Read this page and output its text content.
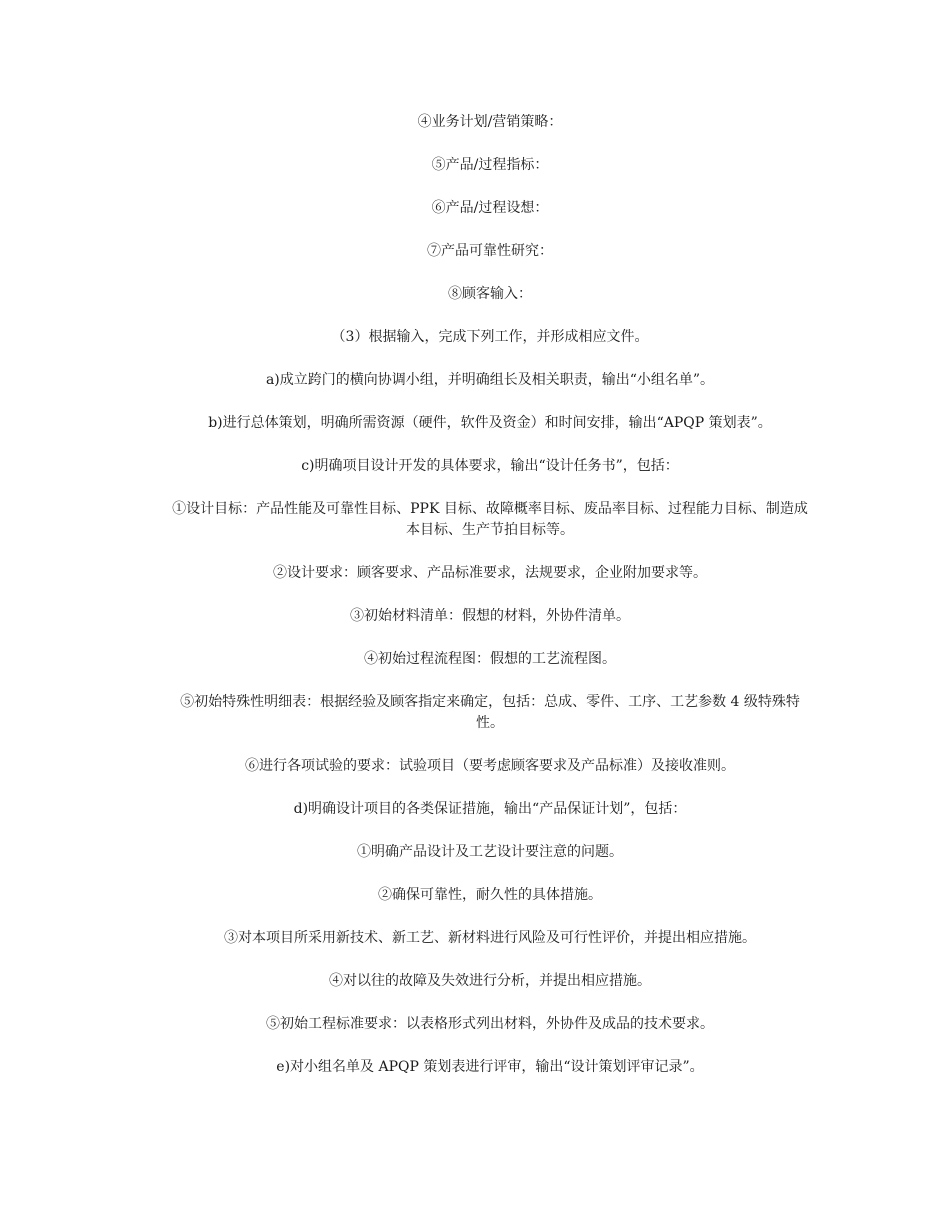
④业务计划/营销策略：

⑤产品/过程指标：

⑥产品/过程设想：

⑦产品可靠性研究：

⑧顾客输入：

（3）根据输入，完成下列工作，并形成相应文件。

a)成立跨门的横向协调小组，并明确组长及相关职责，输出“小组名单”。

b)进行总体策划，明确所需资源（硬件，软件及资金）和时间安排，输出“APQP 策划表”。

c)明确项目设计开发的具体要求，输出“设计任务书”，包括：

①设计目标：产品性能及可靠性目标、PPK 目标、故障概率目标、废品率目标、过程能力目标、制造成本目标、生产节拍目标等。

②设计要求：顾客要求、产品标准要求，法规要求，企业附加要求等。

③初始材料清单：假想的材料，外协件清单。

④初始过程流程图：假想的工艺流程图。

⑤初始特殊性明细表：根据经验及顾客指定来确定，包括：总成、零件、工序、工艺参数 4 级特殊特性。

⑥进行各项试验的要求：试验项目（要考虑顾客要求及产品标准）及接收准则。

d)明确设计项目的各类保证措施，输出“产品保证计划”，包括：

①明确产品设计及工艺设计要注意的问题。

②确保可靠性，耐久性的具体措施。

③对本项目所采用新技术、新工艺、新材料进行风险及可行性评价，并提出相应措施。

④对以往的故障及失效进行分析，并提出相应措施。

⑤初始工程标准要求：以表格形式列出材料，外协件及成品的技术要求。

e)对小组名单及 APQP 策划表进行评审，输出“设计策划评审记录”。
